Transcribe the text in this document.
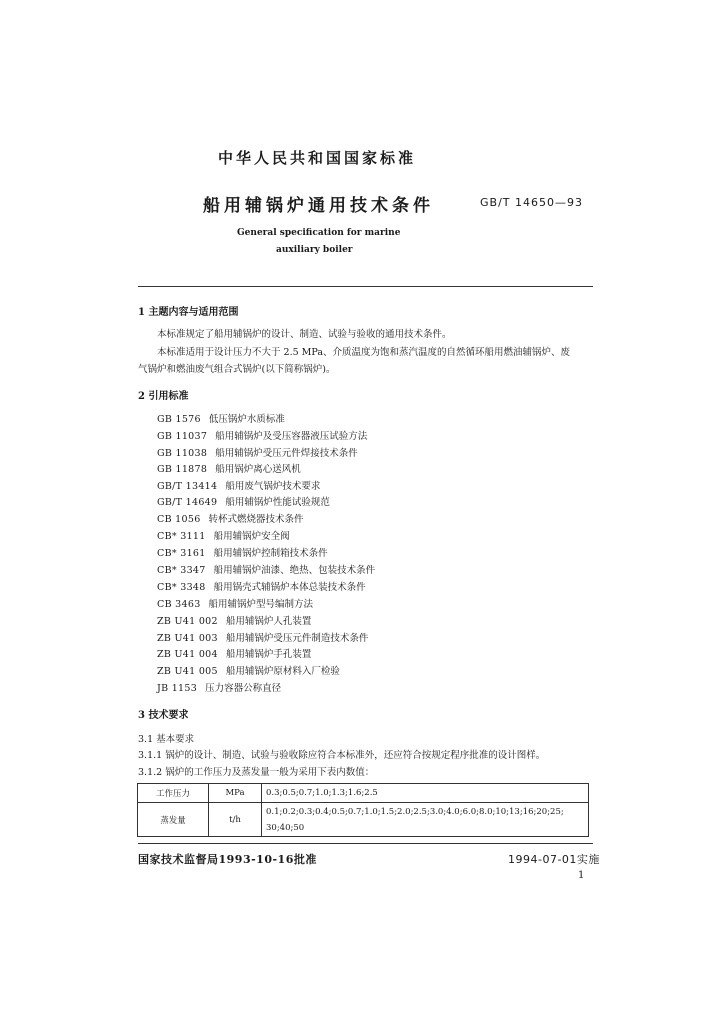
中华人民共和国国家标准
船用辅锅炉通用技术条件	GB/T 14650—93
General specification for marine
auxiliary boiler
1 主题内容与适用范围
本标准规定了船用辅锅炉的设计、制造、试验与验收的通用技术条件。
本标准适用于设计压力不大于 2.5 MPa、介质温度为饱和蒸汽温度的自然循环船用燃油辅锅炉、废
气锅炉和燃油废气组合式锅炉(以下简称锅炉)。
2 引用标准
GB 1576 低压锅炉水质标准
GB 11037 船用辅锅炉及受压容器液压试验方法
GB 11038 船用辅锅炉受压元件焊接技术条件
GB 11878 船用锅炉离心送风机
GB/T 13414 船用废气锅炉技术要求
GB/T 14649 船用辅锅炉性能试验规范
CB 1056 转杯式燃烧器技术条件
CB* 3111 船用辅锅炉安全阀
CB* 3161 船用辅锅炉控制箱技术条件
CB* 3347 船用辅锅炉油漆、绝热、包装技术条件
CB* 3348 船用锅壳式辅锅炉本体总装技术条件
CB 3463 船用辅锅炉型号编制方法
ZB U41 002 船用辅锅炉人孔装置
ZB U41 003 船用辅锅炉受压元件制造技术条件
ZB U41 004 船用辅锅炉手孔装置
ZB U41 005 船用辅锅炉原材料入厂检验
JB 1153 压力容器公称直径
3 技术要求
3.1 基本要求
3.1.1 锅炉的设计、制造、试验与验收除应符合本标准外，还应符合按规定程序批准的设计图样。
3.1.2 锅炉的工作压力及蒸发量一般为采用下表内数值：
工作压力	MPa	0.3;0.5;0.7;1.0;1.3;1.6;2.5
蒸发量	t/h	0.1;0.2;0.3;0.4;0.5;0.7;1.0;1.5;2.0;2.5;3.0;4.0;6.0;8.0;10;13;16;20;25;
30;40;50
国家技术监督局1993-10-16批准	1994-07-01实施
1
